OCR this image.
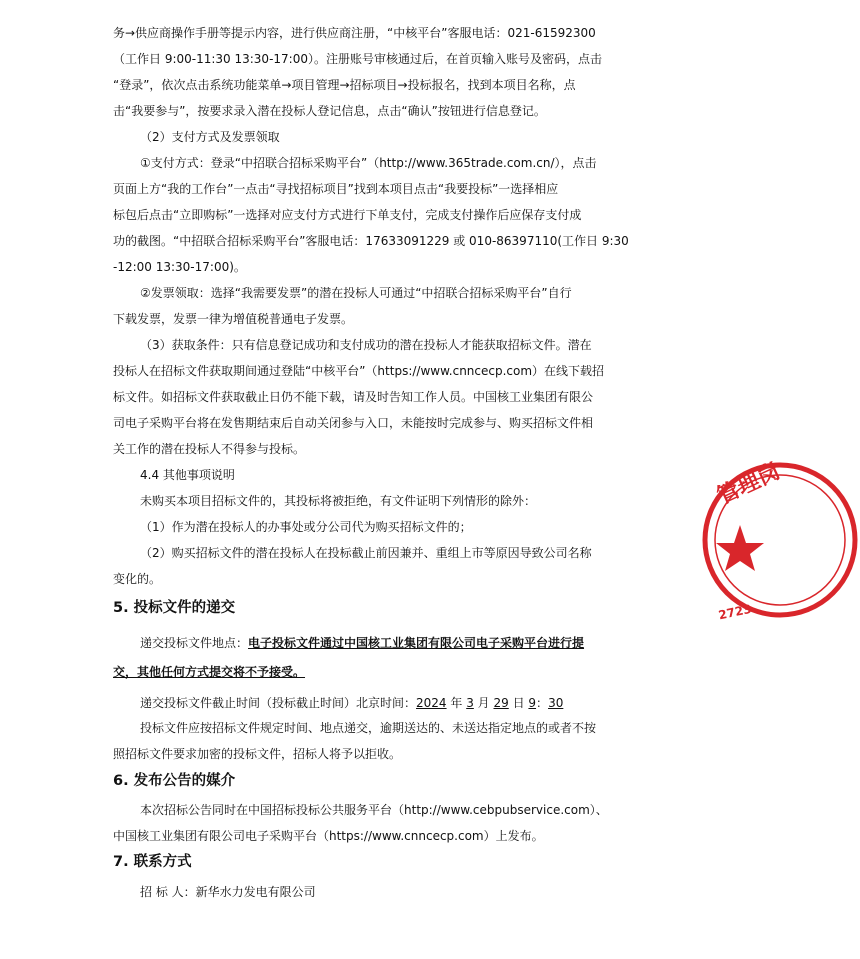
务→供应商操作手册等提示内容，进行供应商注册，“中核平台”客服电话：021-61592300
（工作日 9:00-11:30 13:30-17:00）。注册账号审核通过后，在首页输入账号及密码，点击
“登录”，依次点击系统功能菜单→项目管理→招标项目→投标报名，找到本项目名称，点
击“我要参与”，按要求录入潜在投标人登记信息，点击“确认”按钮进行信息登记。
（2）支付方式及发票领取
①支付方式：登录“中招联合招标采购平台”（http://www.365trade.com.cn/），点击
页面上方“我的工作台”一点击“寻找招标项目”找到本项目点击“我要投标”一选择相应
标包后点击“立即购标”一选择对应支付方式进行下单支付，完成支付操作后应保存支付成
功的截图。“中招联合招标采购平台”客服电话：17633091229 或 010-86397110(工作日 9:30
-12:00 13:30-17:00)。
②发票领取：选择“我需要发票”的潜在投标人可通过“中招联合招标采购平台”自行
下载发票，发票一律为增值税普通电子发票。
（3）获取条件：只有信息登记成功和支付成功的潜在投标人才能获取招标文件。潜在
投标人在招标文件获取期间通过登陆“中核平台”（https://www.cnncecp.com）在线下载招
标文件。如招标文件获取截止日仍不能下载，请及时告知工作人员。中国核工业集团有限公
司电子采购平台将在发售期结束后自动关闭参与入口，未能按时完成参与、购买招标文件相
关工作的潜在投标人不得参与投标。
4.4 其他事项说明
未购买本项目招标文件的，其投标将被拒绝，有文件证明下列情形的除外：
（1）作为潜在投标人的办事处或分公司代为购买招标文件的；
（2）购买招标文件的潜在投标人在投标截止前因兼并、重组上市等原因导致公司名称
变化的。
5. 投标文件的递交
递交投标文件地点：电子投标文件通过中国核工业集团有限公司电子采购平台进行提
交，其他任何方式提交将不予接受。
递交投标文件截止时间（投标截止时间）北京时间：2024 年 3 月 29 日 9：30
投标文件应按招标文件规定时间、地点递交，逾期送达的、未送达指定地点的或者不按
照招标文件要求加密的投标文件，招标人将予以拒收。
6. 发布公告的媒介
本次招标公告同时在中国招标投标公共服务平台（http://www.cebpubservice.com）、
中国核工业集团有限公司电子采购平台（https://www.cnncecp.com）上发布。
7. 联系方式
招 标 人：新华水力发电有限公司
管理岗
2723
